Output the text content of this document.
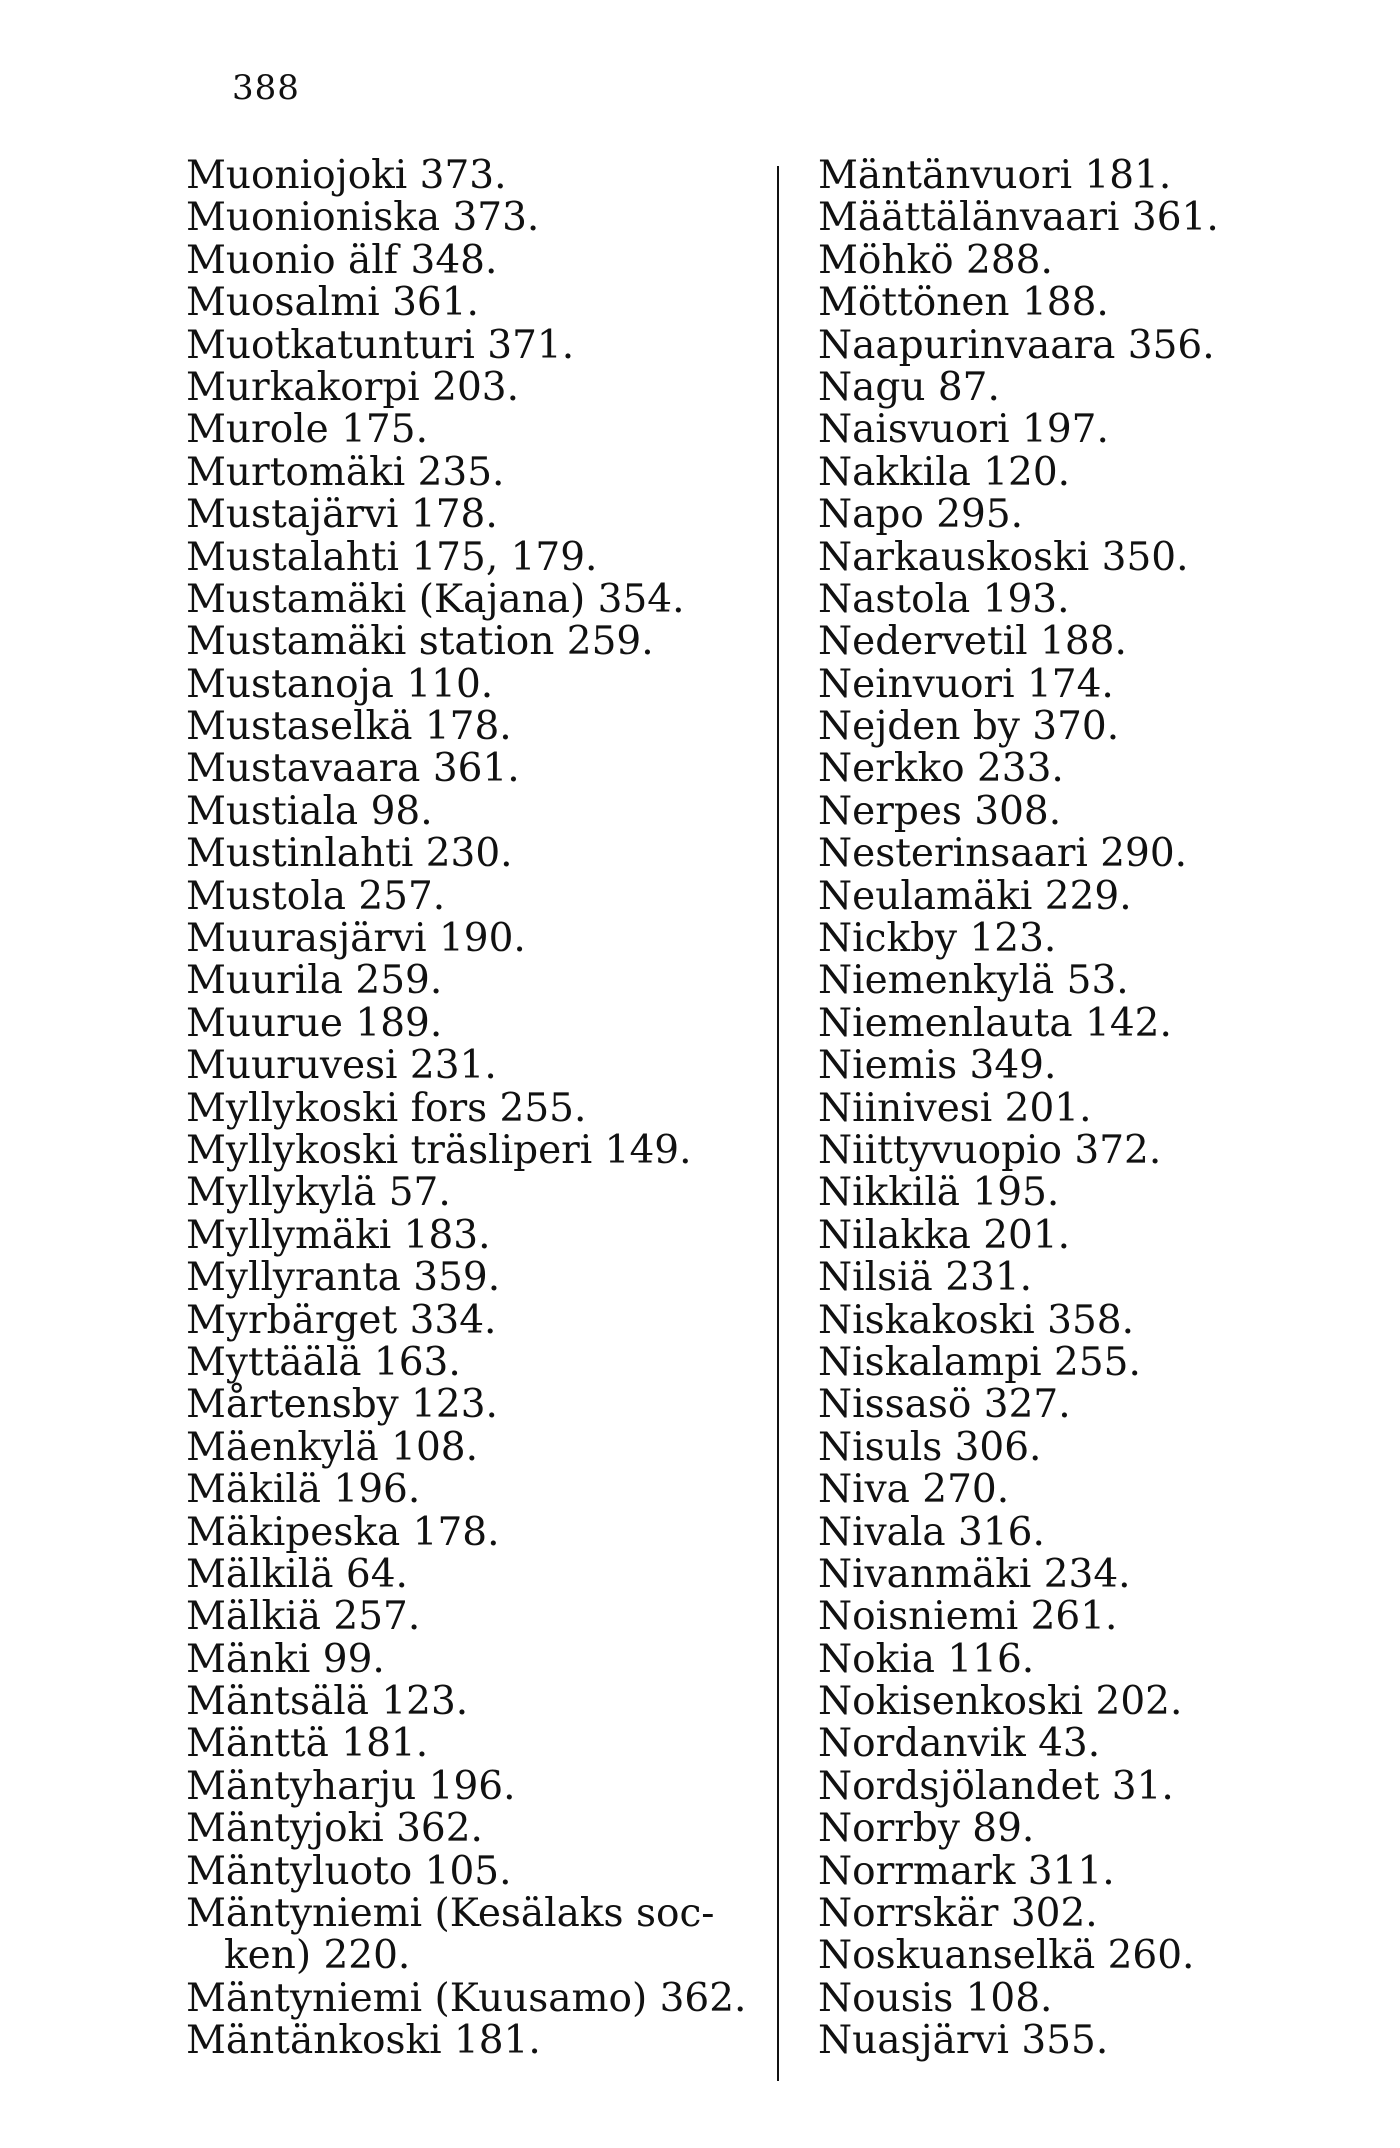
388
Muoniojoki 373.
Muonioniska 373.
Muonio älf 348.
Muosalmi 361.
Muotkatunturi 371.
Murkakorpi 203.
Murole 175.
Murtomäki 235.
Mustajärvi 178.
Mustalahti 175, 179.
Mustamäki (Kajana) 354.
Mustamäki station 259.
Mustanoja 110.
Mustaselkä 178.
Mustavaara 361.
Mustiala 98.
Mustinlahti 230.
Mustola 257.
Muurasjärvi 190.
Muurila 259.
Muurue 189.
Muuruvesi 231.
Myllykoski fors 255.
Myllykoski träsliperi 149.
Myllykylä 57.
Myllymäki 183.
Myllyranta 359.
Myrbärget 334.
Myttäälä 163.
Mårtensby 123.
Mäenkylä 108.
Mäkilä 196.
Mäkipeska 178.
Mälkilä 64.
Mälkiä 257.
Mänki 99.
Mäntsälä 123.
Mänttä 181.
Mäntyharju 196.
Mäntyjoki 362.
Mäntyluoto 105.
Mäntyniemi (Kesälaks soc-
ken) 220.
Mäntyniemi (Kuusamo) 362.
Mäntänkoski 181.
Mäntänvuori 181.
Määttälänvaari 361.
Möhkö 288.
Möttönen 188.
Naapurinvaara 356.
Nagu 87.
Naisvuori 197.
Nakkila 120.
Napo 295.
Narkauskoski 350.
Nastola 193.
Nedervetil 188.
Neinvuori 174.
Nejden by 370.
Nerkko 233.
Nerpes 308.
Nesterinsaari 290.
Neulamäki 229.
Nickby 123.
Niemenkylä 53.
Niemenlauta 142.
Niemis 349.
Niinivesi 201.
Niittyvuopio 372.
Nikkilä 195.
Nilakka 201.
Nilsiä 231.
Niskakoski 358.
Niskalampi 255.
Nissasö 327.
Nisuls 306.
Niva 270.
Nivala 316.
Nivanmäki 234.
Noisniemi 261.
Nokia 116.
Nokisenkoski 202.
Nordanvik 43.
Nordsjölandet 31.
Norrby 89.
Norrmark 311.
Norrskär 302.
Noskuanselkä 260.
Nousis 108.
Nuasjärvi 355.
